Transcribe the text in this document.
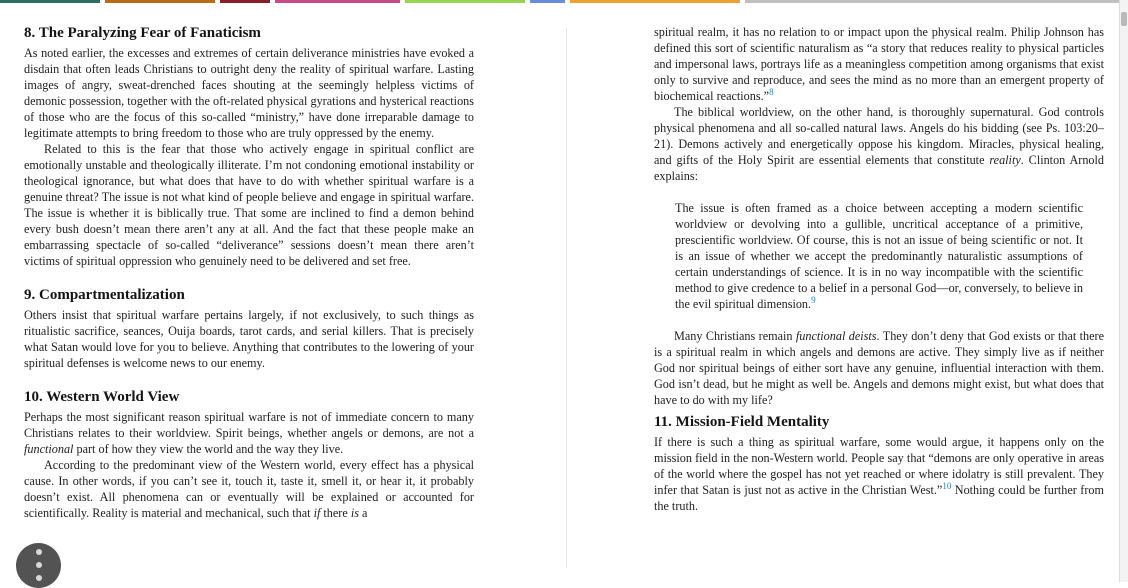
8. The Paralyzing Fear of Fanaticism

As noted earlier, the excesses and extremes of certain deliverance ministries have evoked a disdain that often leads Christians to outright deny the reality of spiritual warfare. Lasting images of angry, sweat-drenched faces shouting at the seemingly helpless victims of demonic possession, together with the oft-related physical gyrations and hysterical reactions of those who are the focus of this so-called “ministry,” have done irreparable damage to legitimate attempts to bring freedom to those who are truly oppressed by the enemy.

Related to this is the fear that those who actively engage in spiritual conflict are emotionally unstable and theologically illiterate. I’m not condoning emotional instability or theological ignorance, but what does that have to do with whether spiritual warfare is a genuine threat? The issue is not what kind of people believe and engage in spiritual warfare. The issue is whether it is biblically true. That some are inclined to find a demon behind every bush doesn’t mean there aren’t any at all. And the fact that these people make an embarrassing spectacle of so-called “deliverance” sessions doesn’t mean there aren’t victims of spiritual oppression who genuinely need to be delivered and set free.

9. Compartmentalization

Others insist that spiritual warfare pertains largely, if not exclusively, to such things as ritualistic sacrifice, seances, Ouija boards, tarot cards, and serial killers. That is precisely what Satan would love for you to believe. Anything that contributes to the lowering of your spiritual defenses is welcome news to our enemy.

10. Western World View

Perhaps the most significant reason spiritual warfare is not of immediate concern to many Christians relates to their worldview. Spirit beings, whether angels or demons, are not a functional part of how they view the world and the way they live.

According to the predominant view of the Western world, every effect has a physical cause. In other words, if you can’t see it, touch it, taste it, smell it, or hear it, it probably doesn’t exist. All phenomena can or eventually will be explained or accounted for scientifically. Reality is material and mechanical, such that if there is a

spiritual realm, it has no relation to or impact upon the physical realm. Philip Johnson has defined this sort of scientific naturalism as “a story that reduces reality to physical particles and impersonal laws, portrays life as a meaningless competition among organisms that exist only to survive and reproduce, and sees the mind as no more than an emergent property of biochemical reactions.”$^8$

The biblical worldview, on the other hand, is thoroughly supernatural. God controls physical phenomena and all so-called natural laws. Angels do his bidding (see Ps. 103:20–21). Demons actively and energetically oppose his kingdom. Miracles, physical healing, and gifts of the Holy Spirit are essential elements that constitute reality. Clinton Arnold explains:

The issue is often framed as a choice between accepting a modern scientific worldview or devolving into a gullible, uncritical acceptance of a primitive, prescientific worldview. Of course, this is not an issue of being scientific or not. It is an issue of whether we accept the predominantly naturalistic assumptions of certain understandings of science. It is in no way incompatible with the scientific method to give credence to a belief in a personal God—or, conversely, to believe in the evil spiritual dimension.$^9$

Many Christians remain functional deists. They don’t deny that God exists or that there is a spiritual realm in which angels and demons are active. They simply live as if neither God nor spiritual beings of either sort have any genuine, influential interaction with them. God isn’t dead, but he might as well be. Angels and demons might exist, but what does that have to do with my life?

11. Mission-Field Mentality

If there is such a thing as spiritual warfare, some would argue, it happens only on the mission field in the non-Western world. People say that “demons are only operative in areas of the world where the gospel has not yet reached or where idolatry is still prevalent. They infer that Satan is just not as active in the Christian West.”$^{10}$ Nothing could be further from the truth.
